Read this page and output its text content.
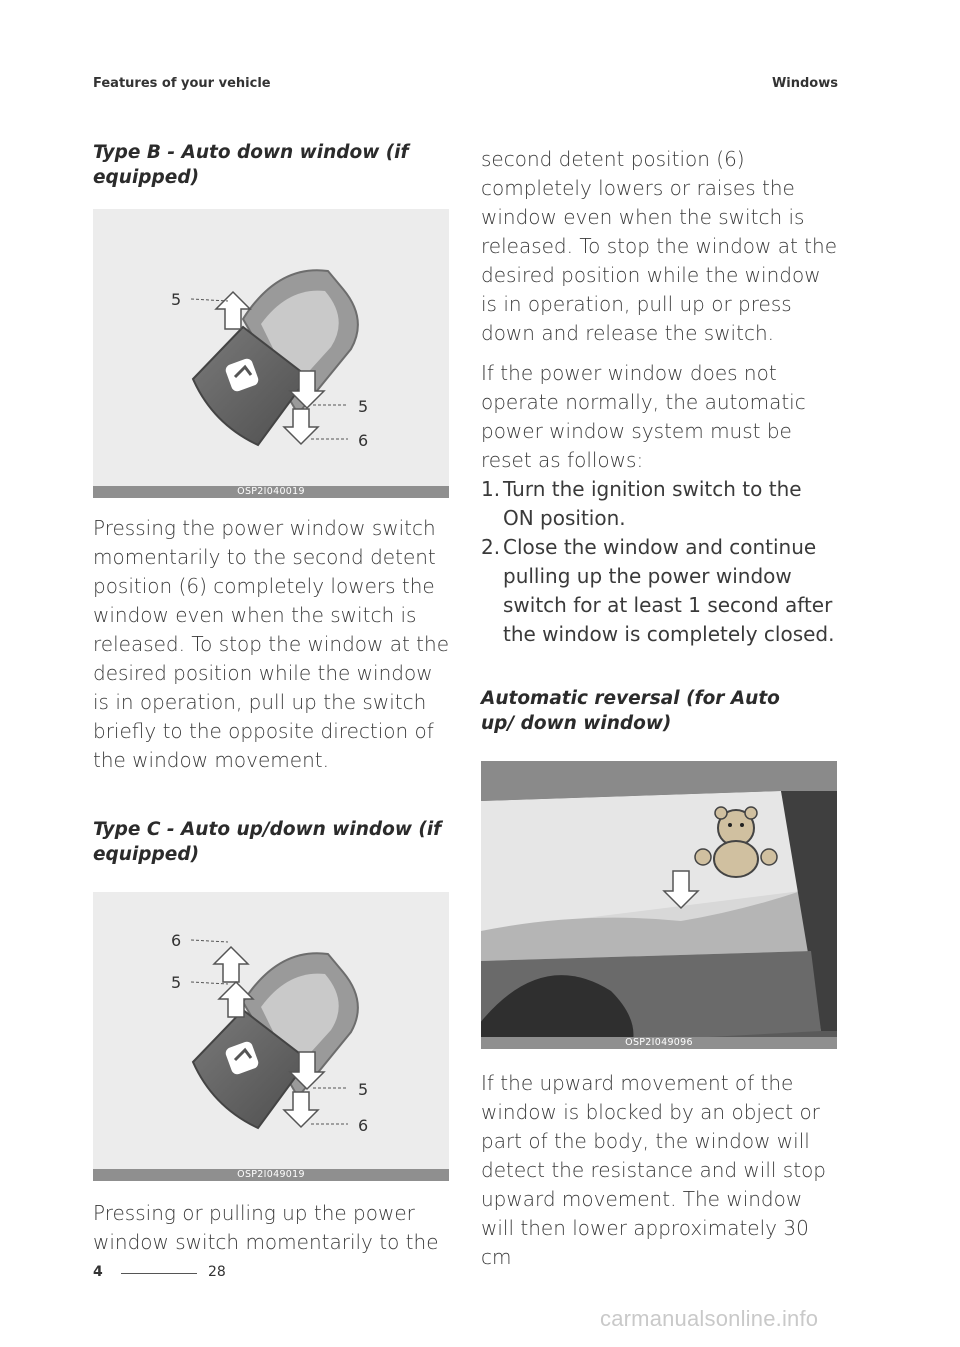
Features of your vehicle	Windows
Type B - Auto down window (if equipped)
5
5
6
OSP2I040019

Pressing the power window switch momentarily to the second detent position (6) completely lowers the window even when the switch is released. To stop the window at the desired position while the window is in operation, pull up the switch briefly to the opposite direction of the window movement.

Type C - Auto up/down window (if equipped)
6
5
5
6
OSP2I049019

Pressing or pulling up the power window switch momentarily to the

second detent position (6) completely lowers or raises the window even when the switch is released. To stop the window at the desired position while the window is in operation, pull up or press down and release the switch.

If the power window does not operate normally, the automatic power window system must be reset as follows:

1. Turn the ignition switch to the ON position.
2. Close the window and continue pulling up the power window switch for at least 1 second after the window is completely closed.
Automatic reversal (for Auto up/ down window)
OSP2I049096

If the upward movement of the window is blocked by an object or part of the body, the window will detect the resistance and will stop upward movement. The window will then lower approximately 30 cm

4	28
carmanualsonline.info
